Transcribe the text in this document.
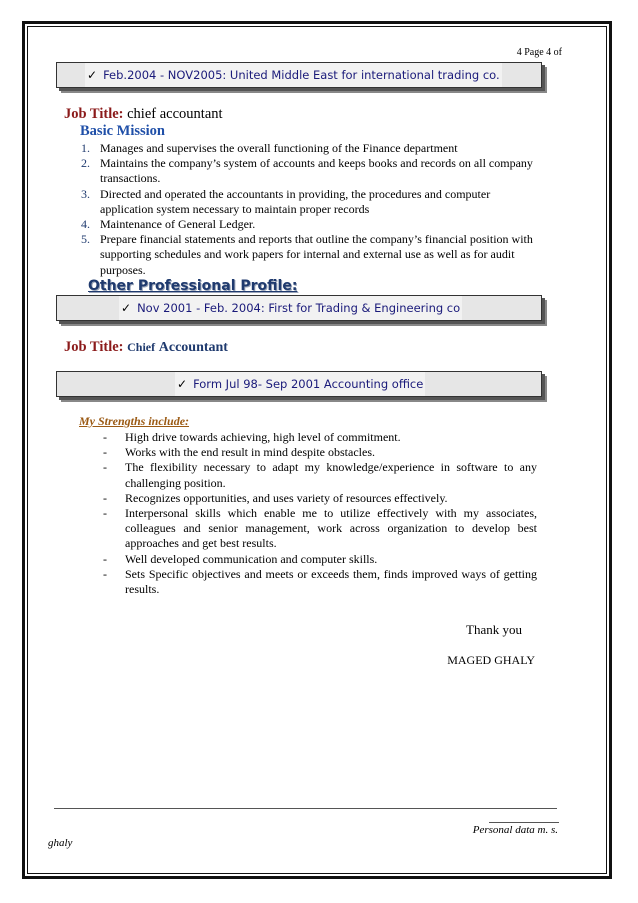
4 Page 4 of
✓ Feb.2004 - NOV2005: United Middle East for international trading co.
Job Title: chief accountant
Basic Mission
1. Manages and supervises the overall functioning of the Finance department
2. Maintains the company’s system of accounts and keeps books and records on all company transactions.
3. Directed and operated the accountants in providing, the procedures and computer application system necessary to maintain proper records
4. Maintenance of General Ledger.
5. Prepare financial statements and reports that outline the company’s financial position with supporting schedules and work papers for internal and external use as well as for audit purposes.
Other Professional Profile:
✓ Nov 2001 - Feb. 2004: First for Trading & Engineering co
Job Title: Chief Accountant
✓ Form Jul 98- Sep 2001 Accounting office
My Strengths include:
- High drive towards achieving, high level of commitment.
- Works with the end result in mind despite obstacles.
- The flexibility necessary to adapt my knowledge/experience in software to any challenging position.
- Recognizes opportunities, and uses variety of resources effectively.
- Interpersonal skills which enable me to utilize effectively with my associates, colleagues and senior management, work across organization to develop best approaches and get best results.
- Well developed communication and computer skills.
- Sets Specific objectives and meets or exceeds them, finds improved ways of getting results.
Thank you
MAGED GHALY
Personal data m. s.
ghaly
